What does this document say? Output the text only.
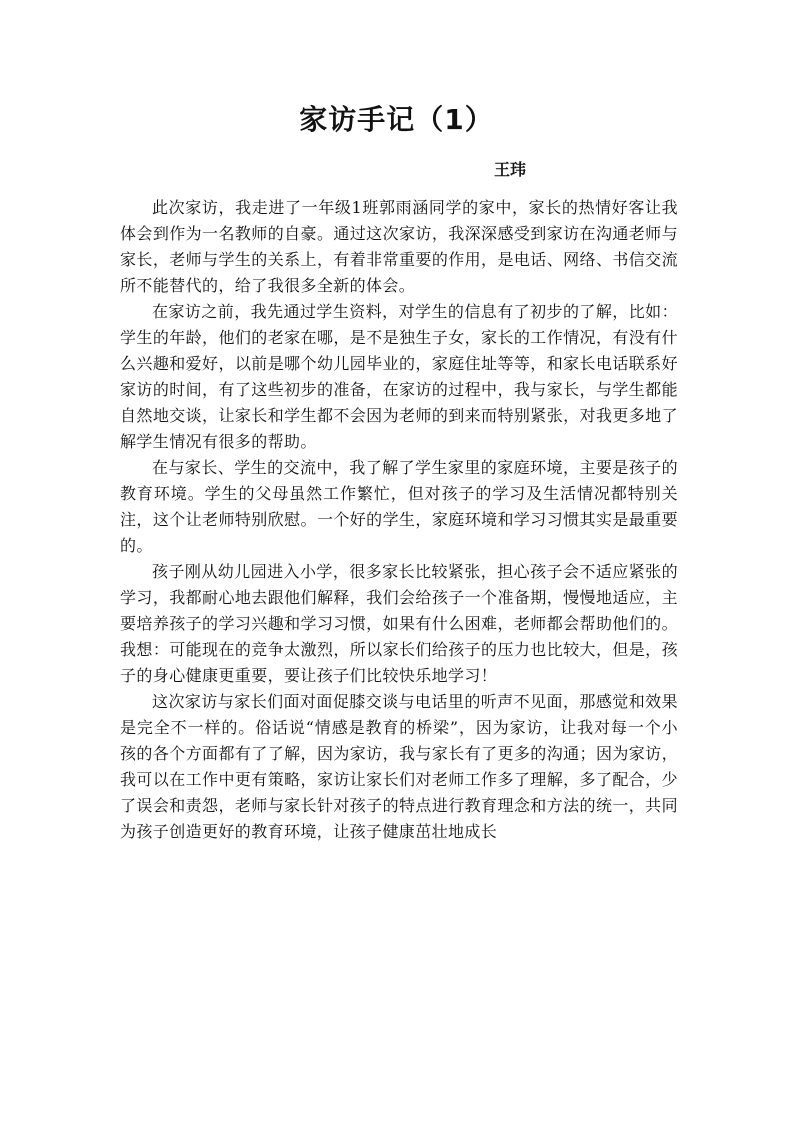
家访手记（1）
王玮

此次家访，我走进了一年级1班郭雨涵同学的家中，家长的热情好客让我体会到作为一名教师的自豪。通过这次家访，我深深感受到家访在沟通老师与家长，老师与学生的关系上，有着非常重要的作用，是电话、网络、书信交流所不能替代的，给了我很多全新的体会。

在家访之前，我先通过学生资料，对学生的信息有了初步的了解，比如：学生的年龄，他们的老家在哪，是不是独生子女，家长的工作情况，有没有什么兴趣和爱好，以前是哪个幼儿园毕业的，家庭住址等等，和家长电话联系好家访的时间，有了这些初步的准备，在家访的过程中，我与家长，与学生都能自然地交谈，让家长和学生都不会因为老师的到来而特别紧张，对我更多地了解学生情况有很多的帮助。

在与家长、学生的交流中，我了解了学生家里的家庭环境，主要是孩子的教育环境。学生的父母虽然工作繁忙，但对孩子的学习及生活情况都特别关注，这个让老师特别欣慰。一个好的学生，家庭环境和学习习惯其实是最重要的。

孩子刚从幼儿园进入小学，很多家长比较紧张，担心孩子会不适应紧张的学习，我都耐心地去跟他们解释，我们会给孩子一个准备期，慢慢地适应，主要培养孩子的学习兴趣和学习习惯，如果有什么困难，老师都会帮助他们的。我想：可能现在的竞争太激烈，所以家长们给孩子的压力也比较大，但是，孩子的身心健康更重要，要让孩子们比较快乐地学习！

这次家访与家长们面对面促膝交谈与电话里的听声不见面，那感觉和效果是完全不一样的。俗话说“情感是教育的桥梁”，因为家访，让我对每一个小孩的各个方面都有了了解，因为家访，我与家长有了更多的沟通；因为家访，我可以在工作中更有策略，家访让家长们对老师工作多了理解，多了配合，少了误会和责怨，老师与家长针对孩子的特点进行教育理念和方法的统一，共同为孩子创造更好的教育环境，让孩子健康茁壮地成长
